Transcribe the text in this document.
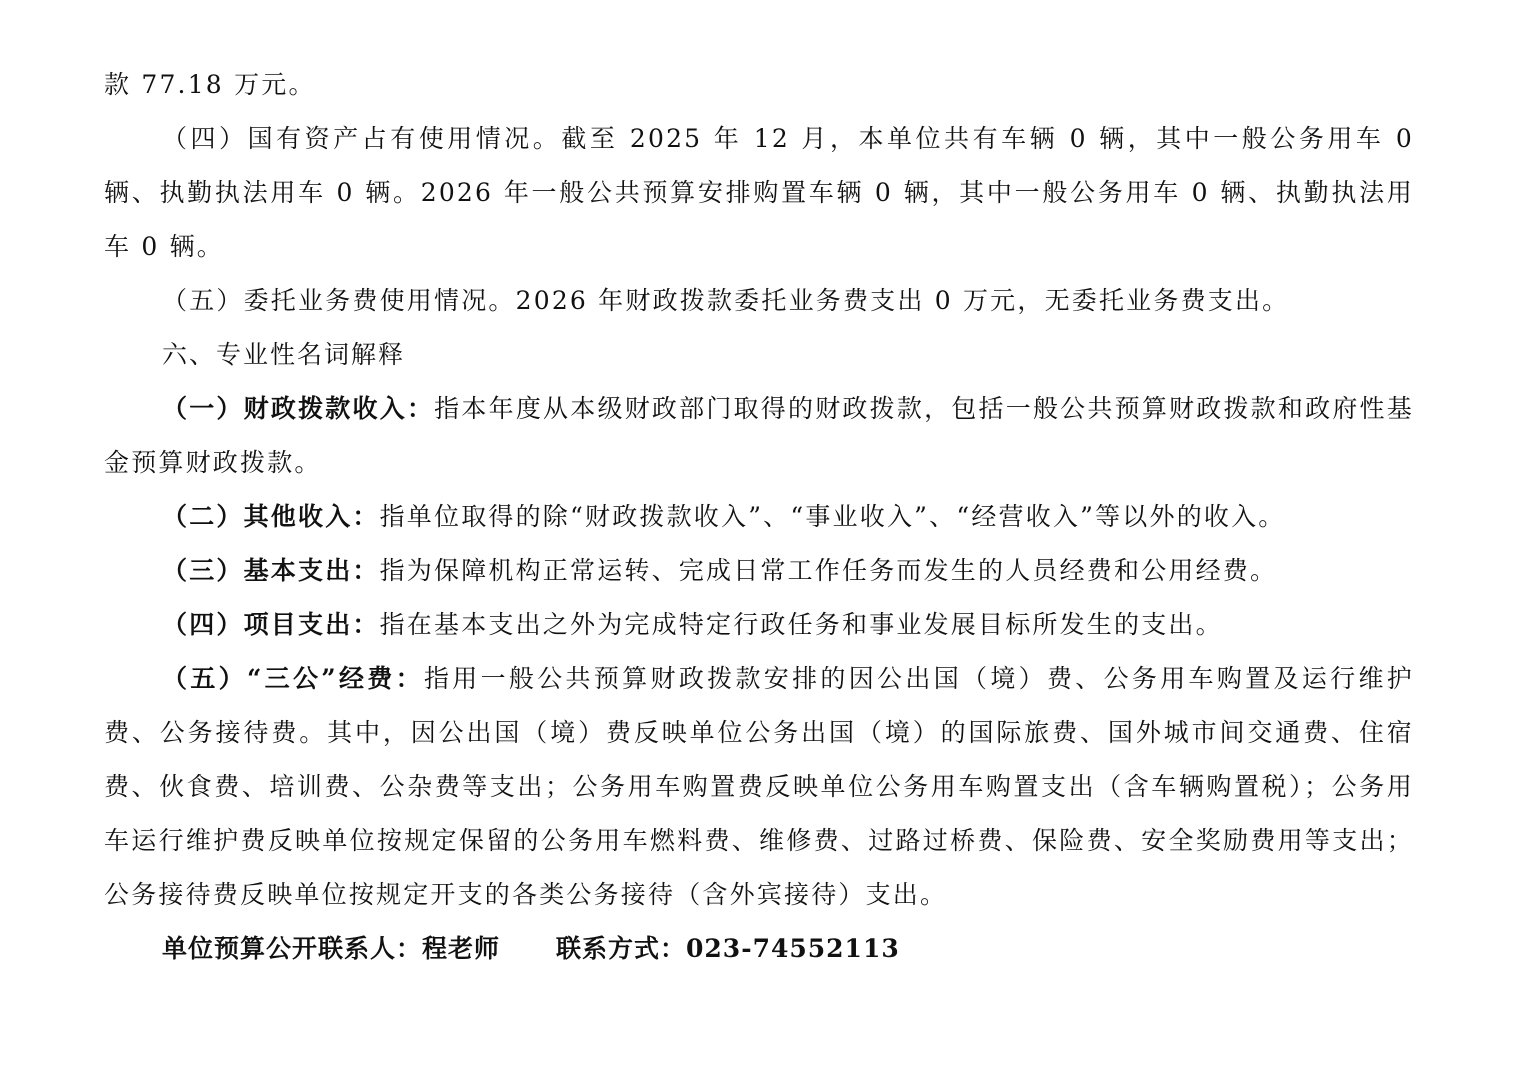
款 77.18 万元。

（四）国有资产占有使用情况。截至 2025 年 12 月，本单位共有车辆 0 辆，其中一般公务用车 0 辆、执勤执法用车 0 辆。2026 年一般公共预算安排购置车辆 0 辆，其中一般公务用车 0 辆、执勤执法用车 0 辆。

（五）委托业务费使用情况。2026 年财政拨款委托业务费支出 0 万元，无委托业务费支出。

六、专业性名词解释

（一）财政拨款收入：指本年度从本级财政部门取得的财政拨款，包括一般公共预算财政拨款和政府性基金预算财政拨款。

（二）其他收入：指单位取得的除“财政拨款收入”、“事业收入”、“经营收入”等以外的收入。

（三）基本支出：指为保障机构正常运转、完成日常工作任务而发生的人员经费和公用经费。

（四）项目支出：指在基本支出之外为完成特定行政任务和事业发展目标所发生的支出。

（五）“三公”经费：指用一般公共预算财政拨款安排的因公出国（境）费、公务用车购置及运行维护费、公务接待费。其中，因公出国（境）费反映单位公务出国（境）的国际旅费、国外城市间交通费、住宿费、伙食费、培训费、公杂费等支出；公务用车购置费反映单位公务用车购置支出（含车辆购置税）；公务用车运行维护费反映单位按规定保留的公务用车燃料费、维修费、过路过桥费、保险费、安全奖励费用等支出；公务接待费反映单位按规定开支的各类公务接待（含外宾接待）支出。

单位预算公开联系人：程老师 联系方式：023-74552113
